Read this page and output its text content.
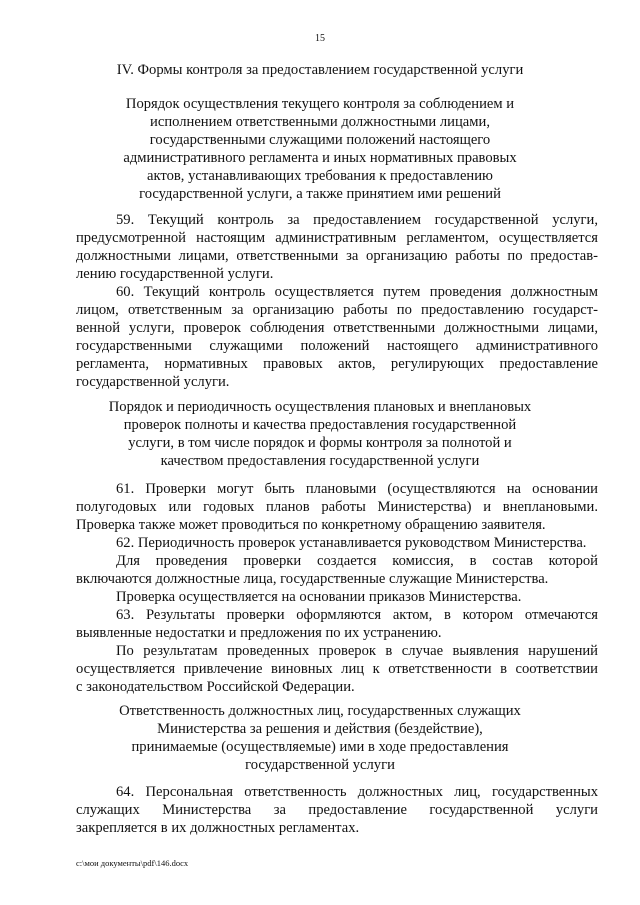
15
IV. Формы контроля за предоставлением государственной услуги
Порядок осуществления текущего контроля за соблюдением и
исполнением ответственными должностными лицами,
государственными служащими положений настоящего
административного регламента и иных нормативных правовых
актов, устанавливающих требования к предоставлению
государственной услуги, а также принятием ими решений
59. Текущий контроль за предоставлением государственной услуги,
предусмотренной настоящим административным регламентом, осуществляется
должностными лицами, ответственными за организацию работы по предостав-
лению государственной услуги.
60. Текущий контроль осуществляется путем проведения должностным
лицом, ответственным за организацию работы по предоставлению государст-
венной услуги, проверок соблюдения ответственными должностными лицами,
государственными служащими положений настоящего административного
регламента, нормативных правовых актов, регулирующих предоставление
государственной услуги.
Порядок и периодичность осуществления плановых и внеплановых
проверок полноты и качества предоставления государственной
услуги, в том числе порядок и формы контроля за полнотой и
качеством предоставления государственной услуги
61. Проверки могут быть плановыми (осуществляются на основании
полугодовых или годовых планов работы Министерства) и внеплановыми.
Проверка также может проводиться по конкретному обращению заявителя.
62. Периодичность проверок устанавливается руководством Министерства.
Для проведения проверки создается комиссия, в состав которой
включаются должностные лица, государственные служащие Министерства.
Проверка осуществляется на основании приказов Министерства.
63. Результаты проверки оформляются актом, в котором отмечаются
выявленные недостатки и предложения по их устранению.
По результатам проведенных проверок в случае выявления нарушений
осуществляется привлечение виновных лиц к ответственности в соответствии
с законодательством Российской Федерации.
Ответственность должностных лиц, государственных служащих
Министерства за решения и действия (бездействие),
принимаемые (осуществляемые) ими в ходе предоставления
государственной услуги
64. Персональная ответственность должностных лиц, государственных
служащих Министерства за предоставление государственной услуги
закрепляется в их должностных регламентах.
c:\мои документы\pdf\146.docx
